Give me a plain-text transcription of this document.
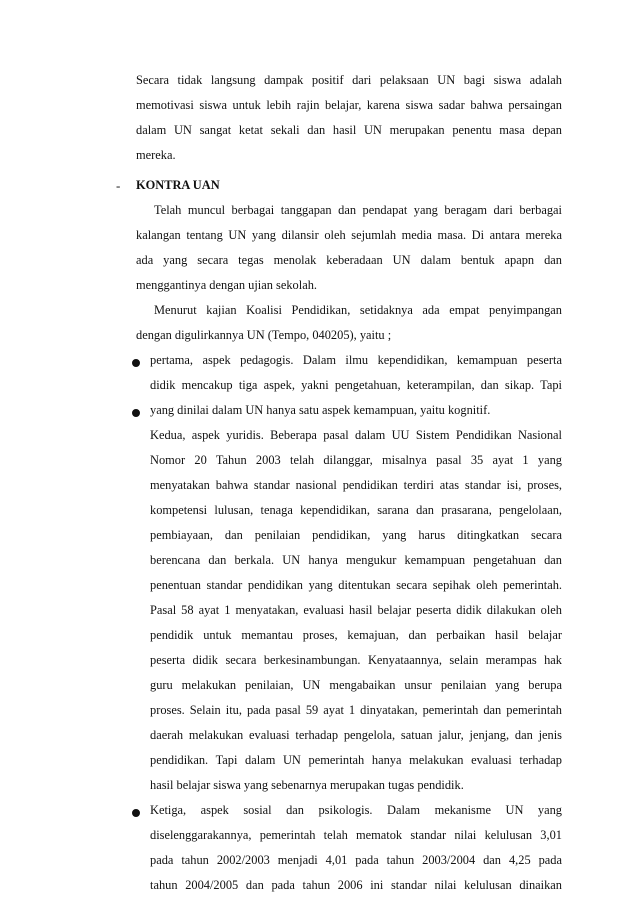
Secara tidak langsung dampak positif dari pelaksaan UN bagi siswa adalah

memotivasi siswa untuk lebih rajin belajar, karena siswa sadar bahwa persaingan

dalam UN sangat ketat sekali dan hasil UN merupakan penentu masa depan

mereka.

- KONTRA UAN

Telah muncul berbagai tanggapan dan pendapat yang beragam dari berbagai

kalangan tentang UN yang dilansir oleh sejumlah media masa. Di antara mereka

ada yang secara tegas menolak keberadaan UN dalam bentuk apapn dan

menggantinya dengan ujian sekolah.

Menurut kajian Koalisi Pendidikan, setidaknya ada empat penyimpangan

dengan digulirkannya UN (Tempo, 040205), yaitu ;

pertama, aspek pedagogis. Dalam ilmu kependidikan, kemampuan peserta

didik mencakup tiga aspek, yakni pengetahuan, keterampilan, dan sikap. Tapi

yang dinilai dalam UN hanya satu aspek kemampuan, yaitu kognitif.

Kedua, aspek yuridis. Beberapa pasal dalam UU Sistem Pendidikan Nasional

Nomor 20 Tahun 2003 telah dilanggar, misalnya pasal 35 ayat 1 yang

menyatakan bahwa standar nasional pendidikan terdiri atas standar isi, proses,

kompetensi lulusan, tenaga kependidikan, sarana dan prasarana, pengelolaan,

pembiayaan, dan penilaian pendidikan, yang harus ditingkatkan secara

berencana dan berkala. UN hanya mengukur kemampuan pengetahuan dan

penentuan standar pendidikan yang ditentukan secara sepihak oleh pemerintah.

Pasal 58 ayat 1 menyatakan, evaluasi hasil belajar peserta didik dilakukan oleh

pendidik untuk memantau proses, kemajuan, dan perbaikan hasil belajar

peserta didik secara berkesinambungan. Kenyataannya, selain merampas hak

guru melakukan penilaian, UN mengabaikan unsur penilaian yang berupa

proses. Selain itu, pada pasal 59 ayat 1 dinyatakan, pemerintah dan pemerintah

daerah melakukan evaluasi terhadap pengelola, satuan jalur, jenjang, dan jenis

pendidikan. Tapi dalam UN pemerintah hanya melakukan evaluasi terhadap

hasil belajar siswa yang sebenarnya merupakan tugas pendidik.

Ketiga, aspek sosial dan psikologis. Dalam mekanisme UN yang

diselenggarakannya, pemerintah telah mematok standar nilai kelulusan 3,01

pada tahun 2002/2003 menjadi 4,01 pada tahun 2003/2004 dan 4,25 pada

tahun 2004/2005 dan pada tahun 2006 ini standar nilai kelulusan dinaikan
